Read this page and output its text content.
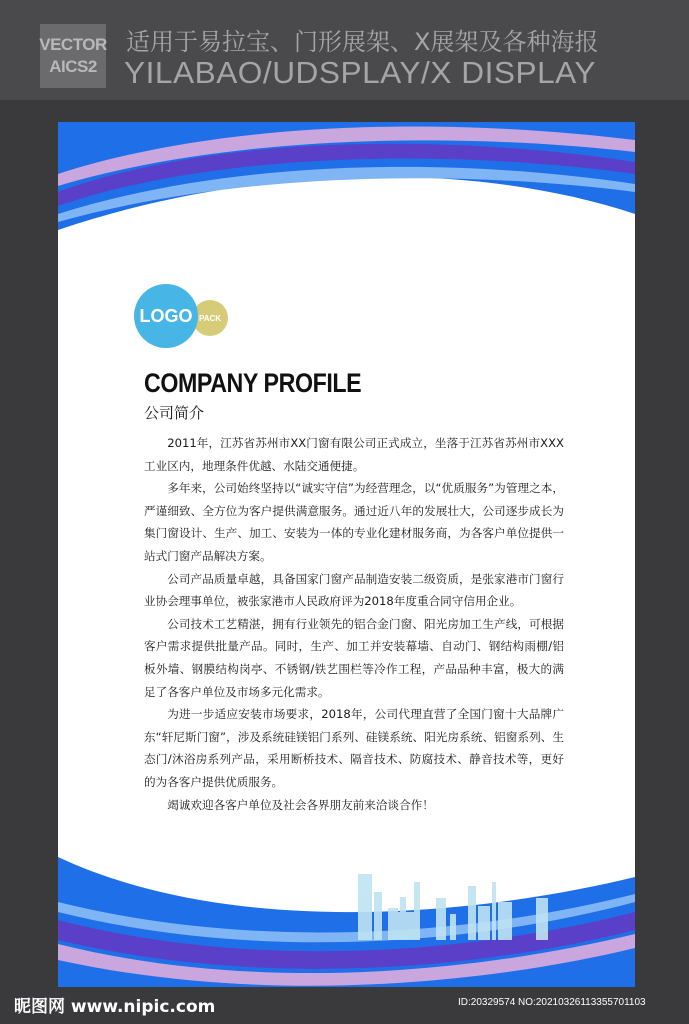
VECTOR
AICS2
适用于易拉宝、门形展架、X展架及各种海报
YILABAO/UDSPLAY/X DISPLAY
LOGO PACK
COMPANY PROFILE
公司简介

2011年，江苏省苏州市XX门窗有限公司正式成立，坐落于江苏省苏州市XXX工业区内，地理条件优越、水陆交通便捷。

多年来，公司始终坚持以“诚实守信”为经营理念，以“优质服务”为管理之本，严谨细致、全方位为客户提供满意服务。通过近八年的发展壮大，公司逐步成长为集门窗设计、生产、加工、安装为一体的专业化建材服务商，为各客户单位提供一站式门窗产品解决方案。

公司产品质量卓越，具备国家门窗产品制造安装二级资质，是张家港市门窗行业协会理事单位，被张家港市人民政府评为2018年度重合同守信用企业。

公司技术工艺精湛，拥有行业领先的铝合金门窗、阳光房加工生产线，可根据客户需求提供批量产品。同时，生产、加工并安装幕墙、自动门、钢结构雨棚/铝板外墙、钢膜结构岗亭、不锈钢/铁艺围栏等冷作工程，产品品种丰富，极大的满足了各客户单位及市场多元化需求。

为进一步适应安装市场要求，2018年，公司代理直营了全国门窗十大品牌广东“轩尼斯门窗”，涉及系统硅镁铝门系列、硅镁系统、阳光房系统、铝窗系列、生态门/沐浴房系列产品，采用断桥技术、隔音技术、防腐技术、静音技术等，更好的为各客户提供优质服务。

竭诚欢迎各客户单位及社会各界朋友前来洽谈合作！

昵图网 www.nipic.com	ID:20329574 NO:20210326113355701103
